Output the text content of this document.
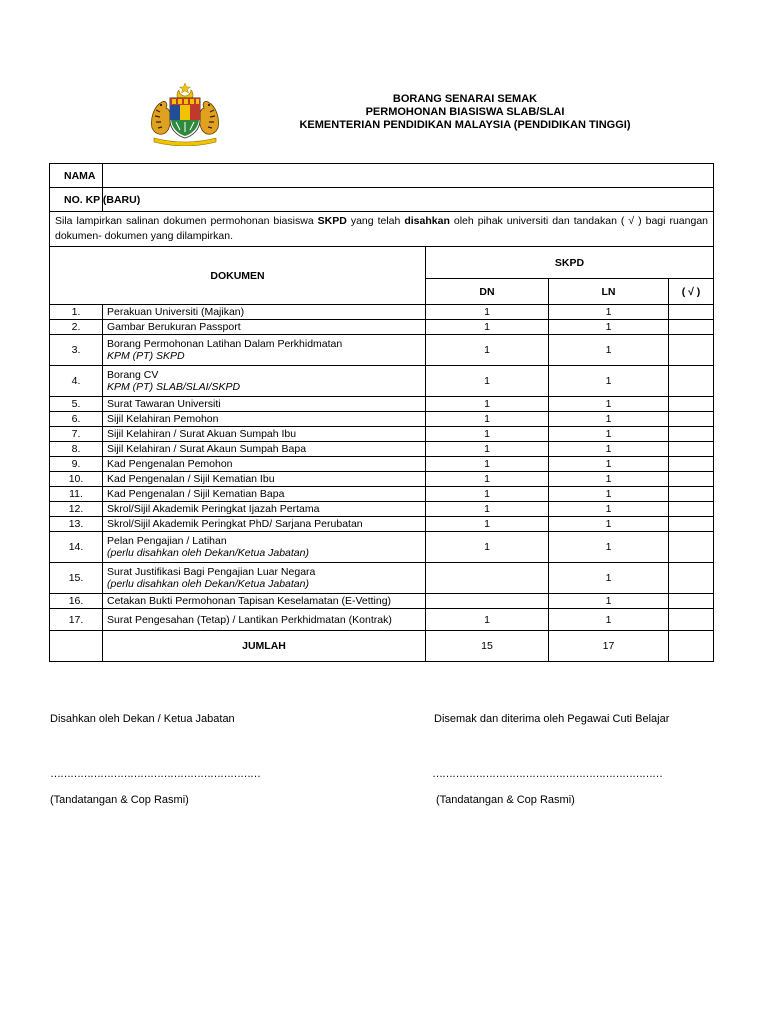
BORANG SENARAI SEMAK
PERMOHONAN BIASISWA SLAB/SLAI
KEMENTERIAN PENDIDIKAN MALAYSIA (PENDIDIKAN TINGGI)
NAMA				
NO. KP (BARU)				
Sila lampirkan salinan dokumen permohonan biasiswa SKPD yang telah disahkan oleh pihak universiti dan tandakan ( √ ) bagi ruangan dokumen- dokumen yang dilampirkan.				
DOKUMEN		SKPD		
		DN	LN	( √ )
1.	Perakuan Universiti (Majikan)	1	1	
2.	Gambar Berukuran Passport	1	1	
3.	Borang Permohonan Latihan Dalam Perkhidmatan
KPM (PT) SKPD	1	1	
4.	Borang CV
KPM (PT) SLAB/SLAI/SKPD	1	1	
5.	Surat Tawaran Universiti	1	1	
6.	Sijil Kelahiran Pemohon	1	1	
7.	Sijil Kelahiran / Surat Akuan Sumpah Ibu	1	1	
8.	Sijil Kelahiran / Surat Akaun Sumpah Bapa	1	1	
9.	Kad Pengenalan Pemohon	1	1	
10.	Kad Pengenalan / Sijil Kematian Ibu	1	1	
11.	Kad Pengenalan / Sijil Kematian Bapa	1	1	
12.	Skrol/Sijil Akademik Peringkat Ijazah Pertama	1	1	
13.	Skrol/Sijil Akademik Peringkat PhD/ Sarjana Perubatan	1	1	
14.	Pelan Pengajian / Latihan
(perlu disahkan oleh Dekan/Ketua Jabatan)	1	1	
15.	Surat Justifikasi Bagi Pengajian Luar Negara
(perlu disahkan oleh Dekan/Ketua Jabatan)		1	
16.	Cetakan Bukti Permohonan Tapisan Keselamatan (E-Vetting)		1	
17.	Surat Pengesahan (Tetap) / Lantikan Perkhidmatan (Kontrak)	1	1	
	JUMLAH	15	17	
Disahkan oleh Dekan / Ketua Jabatan
………………………………………………………
(Tandatangan & Cop Rasmi)
Disemak dan diterima oleh Pegawai Cuti Belajar
……………………………………………………………
(Tandatangan & Cop Rasmi)
